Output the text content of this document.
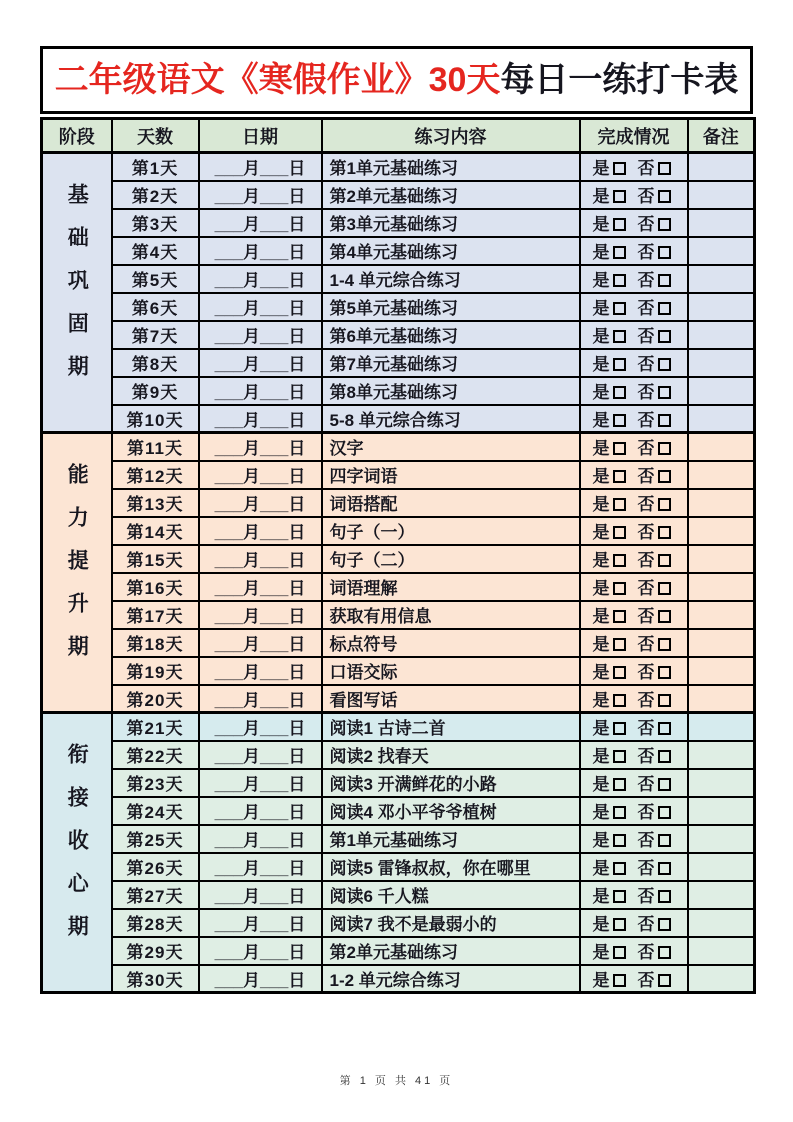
二年级语文《寒假作业》30天 每日一练打卡表
阶段	天数	日期	练习内容	完成情况	备注
基础巩固期	第1天	___月___日	第1单元基础练习	是 否	
	第2天	___月___日	第2单元基础练习	是 否	
	第3天	___月___日	第3单元基础练习	是 否	
	第4天	___月___日	第4单元基础练习	是 否	
	第5天	___月___日	1-4 单元综合练习	是 否	
	第6天	___月___日	第5单元基础练习	是 否	
	第7天	___月___日	第6单元基础练习	是 否	
	第8天	___月___日	第7单元基础练习	是 否	
	第9天	___月___日	第8单元基础练习	是 否	
	第10天	___月___日	5-8 单元综合练习	是 否	
能力提升期	第11天	___月___日	汉字	是 否	
	第12天	___月___日	四字词语	是 否	
	第13天	___月___日	词语搭配	是 否	
	第14天	___月___日	句子（一）	是 否	
	第15天	___月___日	句子（二）	是 否	
	第16天	___月___日	词语理解	是 否	
	第17天	___月___日	获取有用信息	是 否	
	第18天	___月___日	标点符号	是 否	
	第19天	___月___日	口语交际	是 否	
	第20天	___月___日	看图写话	是 否	
衔接收心期	第21天	___月___日	阅读1 古诗二首	是 否	
	第22天	___月___日	阅读2 找春天	是 否	
	第23天	___月___日	阅读3 开满鲜花的小路	是 否	
	第24天	___月___日	阅读4 邓小平爷爷植树	是 否	
	第25天	___月___日	第1单元基础练习	是 否	
	第26天	___月___日	阅读5 雷锋叔叔，你在哪里	是 否	
	第27天	___月___日	阅读6 千人糕	是 否	
	第28天	___月___日	阅读7 我不是最弱小的	是 否	
	第29天	___月___日	第2单元基础练习	是 否	
	第30天	___月___日	1-2 单元综合练习	是 否	
第 1 页 共 41 页
